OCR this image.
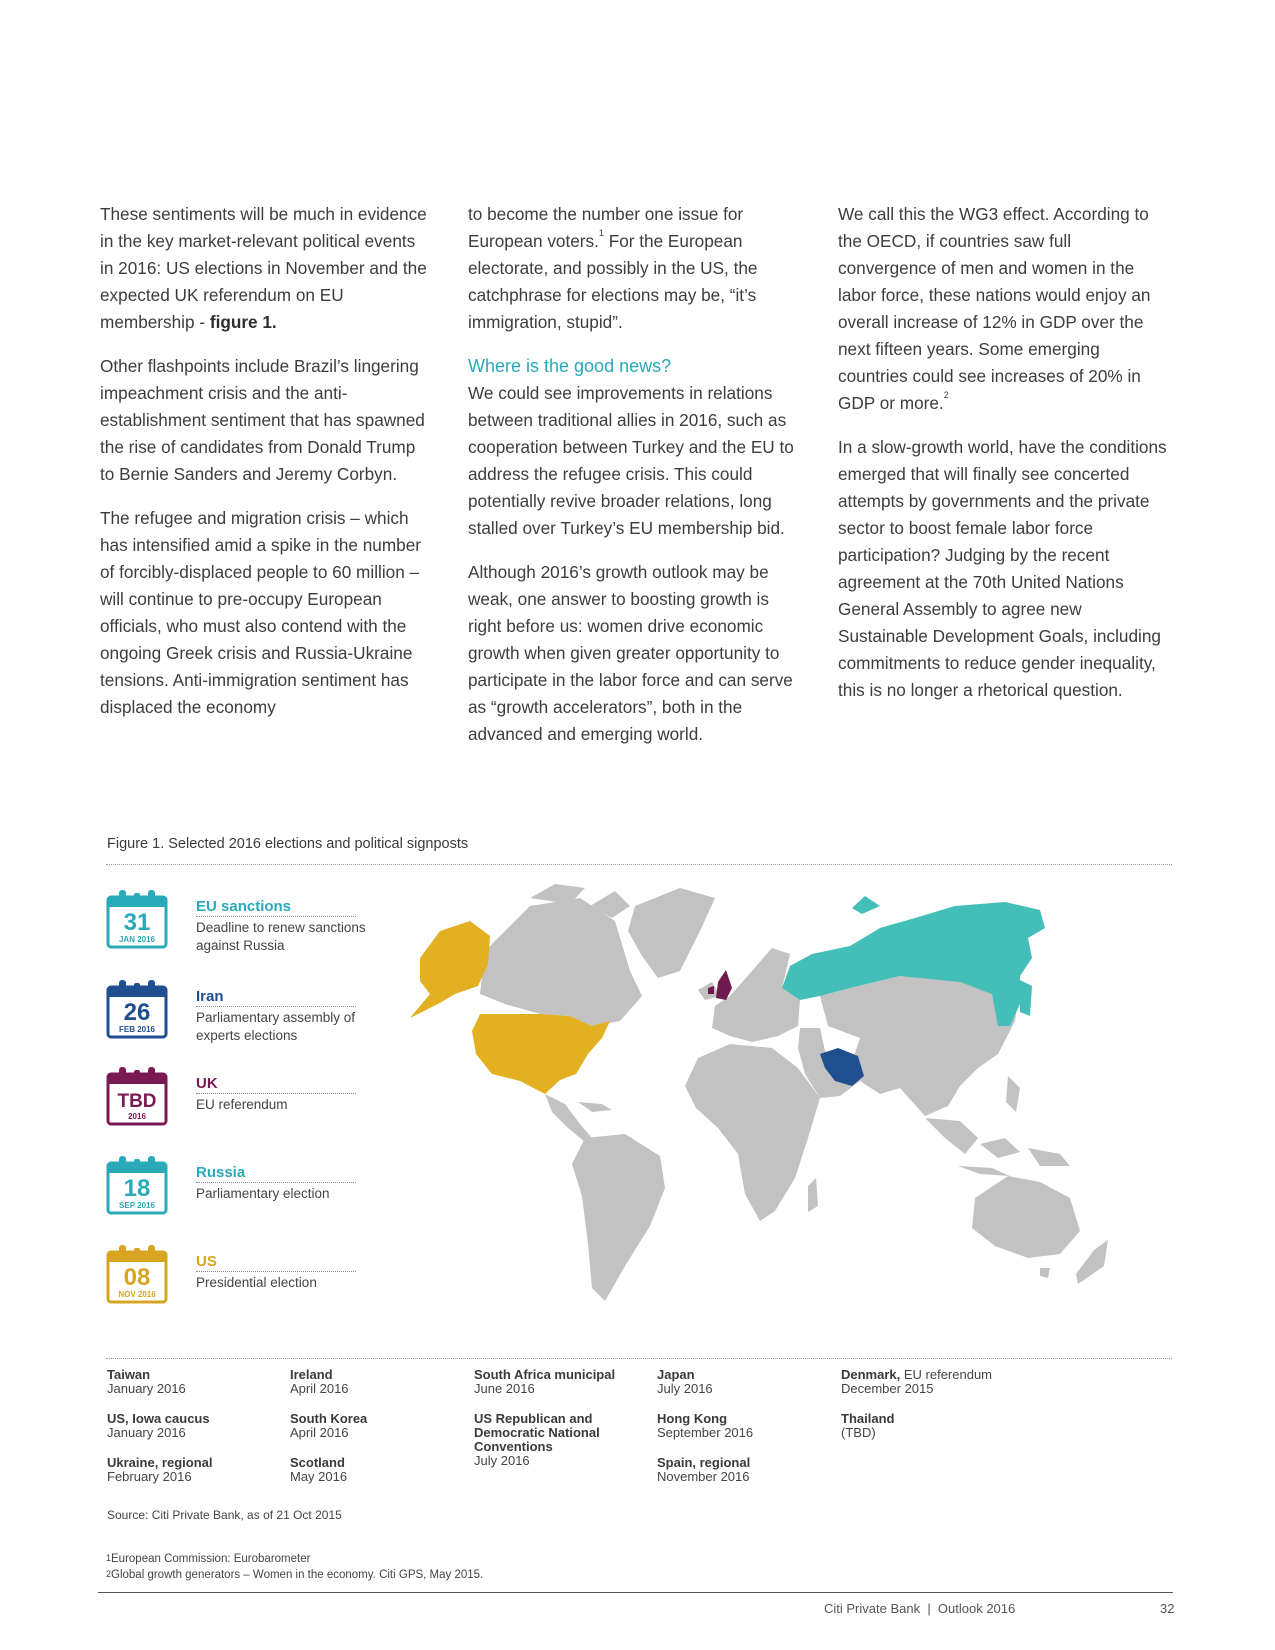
These sentiments will be much in evidence in the key market-relevant political events in 2016: US elections in November and the expected UK referendum on EU membership - figure 1.

Other flashpoints include Brazil’s lingering impeachment crisis and the anti-establishment sentiment that has spawned the rise of candidates from Donald Trump to Bernie Sanders and Jeremy Corbyn.

The refugee and migration crisis – which has intensified amid a spike in the number of forcibly-displaced people to 60 million – will continue to pre-occupy European officials, who must also contend with the ongoing Greek crisis and Russia-Ukraine tensions. Anti-immigration sentiment has displaced the economy

to become the number one issue for European voters.$^1$ For the European electorate, and possibly in the US, the catchphrase for elections may be, “it’s immigration, stupid”.

Where is the good news?

We could see improvements in relations between traditional allies in 2016, such as cooperation between Turkey and the EU to address the refugee crisis. This could potentially revive broader relations, long stalled over Turkey’s EU membership bid.

Although 2016’s growth outlook may be weak, one answer to boosting growth is right before us: women drive economic growth when given greater opportunity to participate in the labor force and can serve as “growth accelerators”, both in the advanced and emerging world.

We call this the WG3 effect. According to the OECD, if countries saw full convergence of men and women in the labor force, these nations would enjoy an overall increase of 12% in GDP over the next fifteen years. Some emerging countries could see increases of 20% in GDP or more.$^2$

In a slow-growth world, have the conditions emerged that will finally see concerted attempts by governments and the private sector to boost female labor force participation? Judging by the recent agreement at the 70th United Nations General Assembly to agree new Sustainable Development Goals, including commitments to reduce gender inequality, this is no longer a rhetorical question.

Figure 1. Selected 2016 elections and political signposts
31
JAN 2016
EU sanctions
Deadline to renew sanctions against Russia
26
FEB 2016
Iran
Parliamentary assembly of experts elections
TBD
2016
UK
EU referendum
18
SEP 2016
Russia
Parliamentary election
08
NOV 2016
US
Presidential election
Taiwan
January 2016
US, Iowa caucus
January 2016
Ukraine, regional
February 2016
Ireland
April 2016
South Korea
April 2016
Scotland
May 2016
South Africa municipal
June 2016
US Republican and Democratic National Conventions
July 2016
Japan
July 2016
Hong Kong
September 2016
Spain, regional
November 2016
Denmark, EU referendum
December 2015
Thailand
(TBD)
Source: Citi Private Bank, as of 21 Oct 2015
$^1$European Commission: Eurobarometer
$^2$Global growth generators – Women in the economy. Citi GPS, May 2015.
Citi Private Bank  |  Outlook 2016	32
